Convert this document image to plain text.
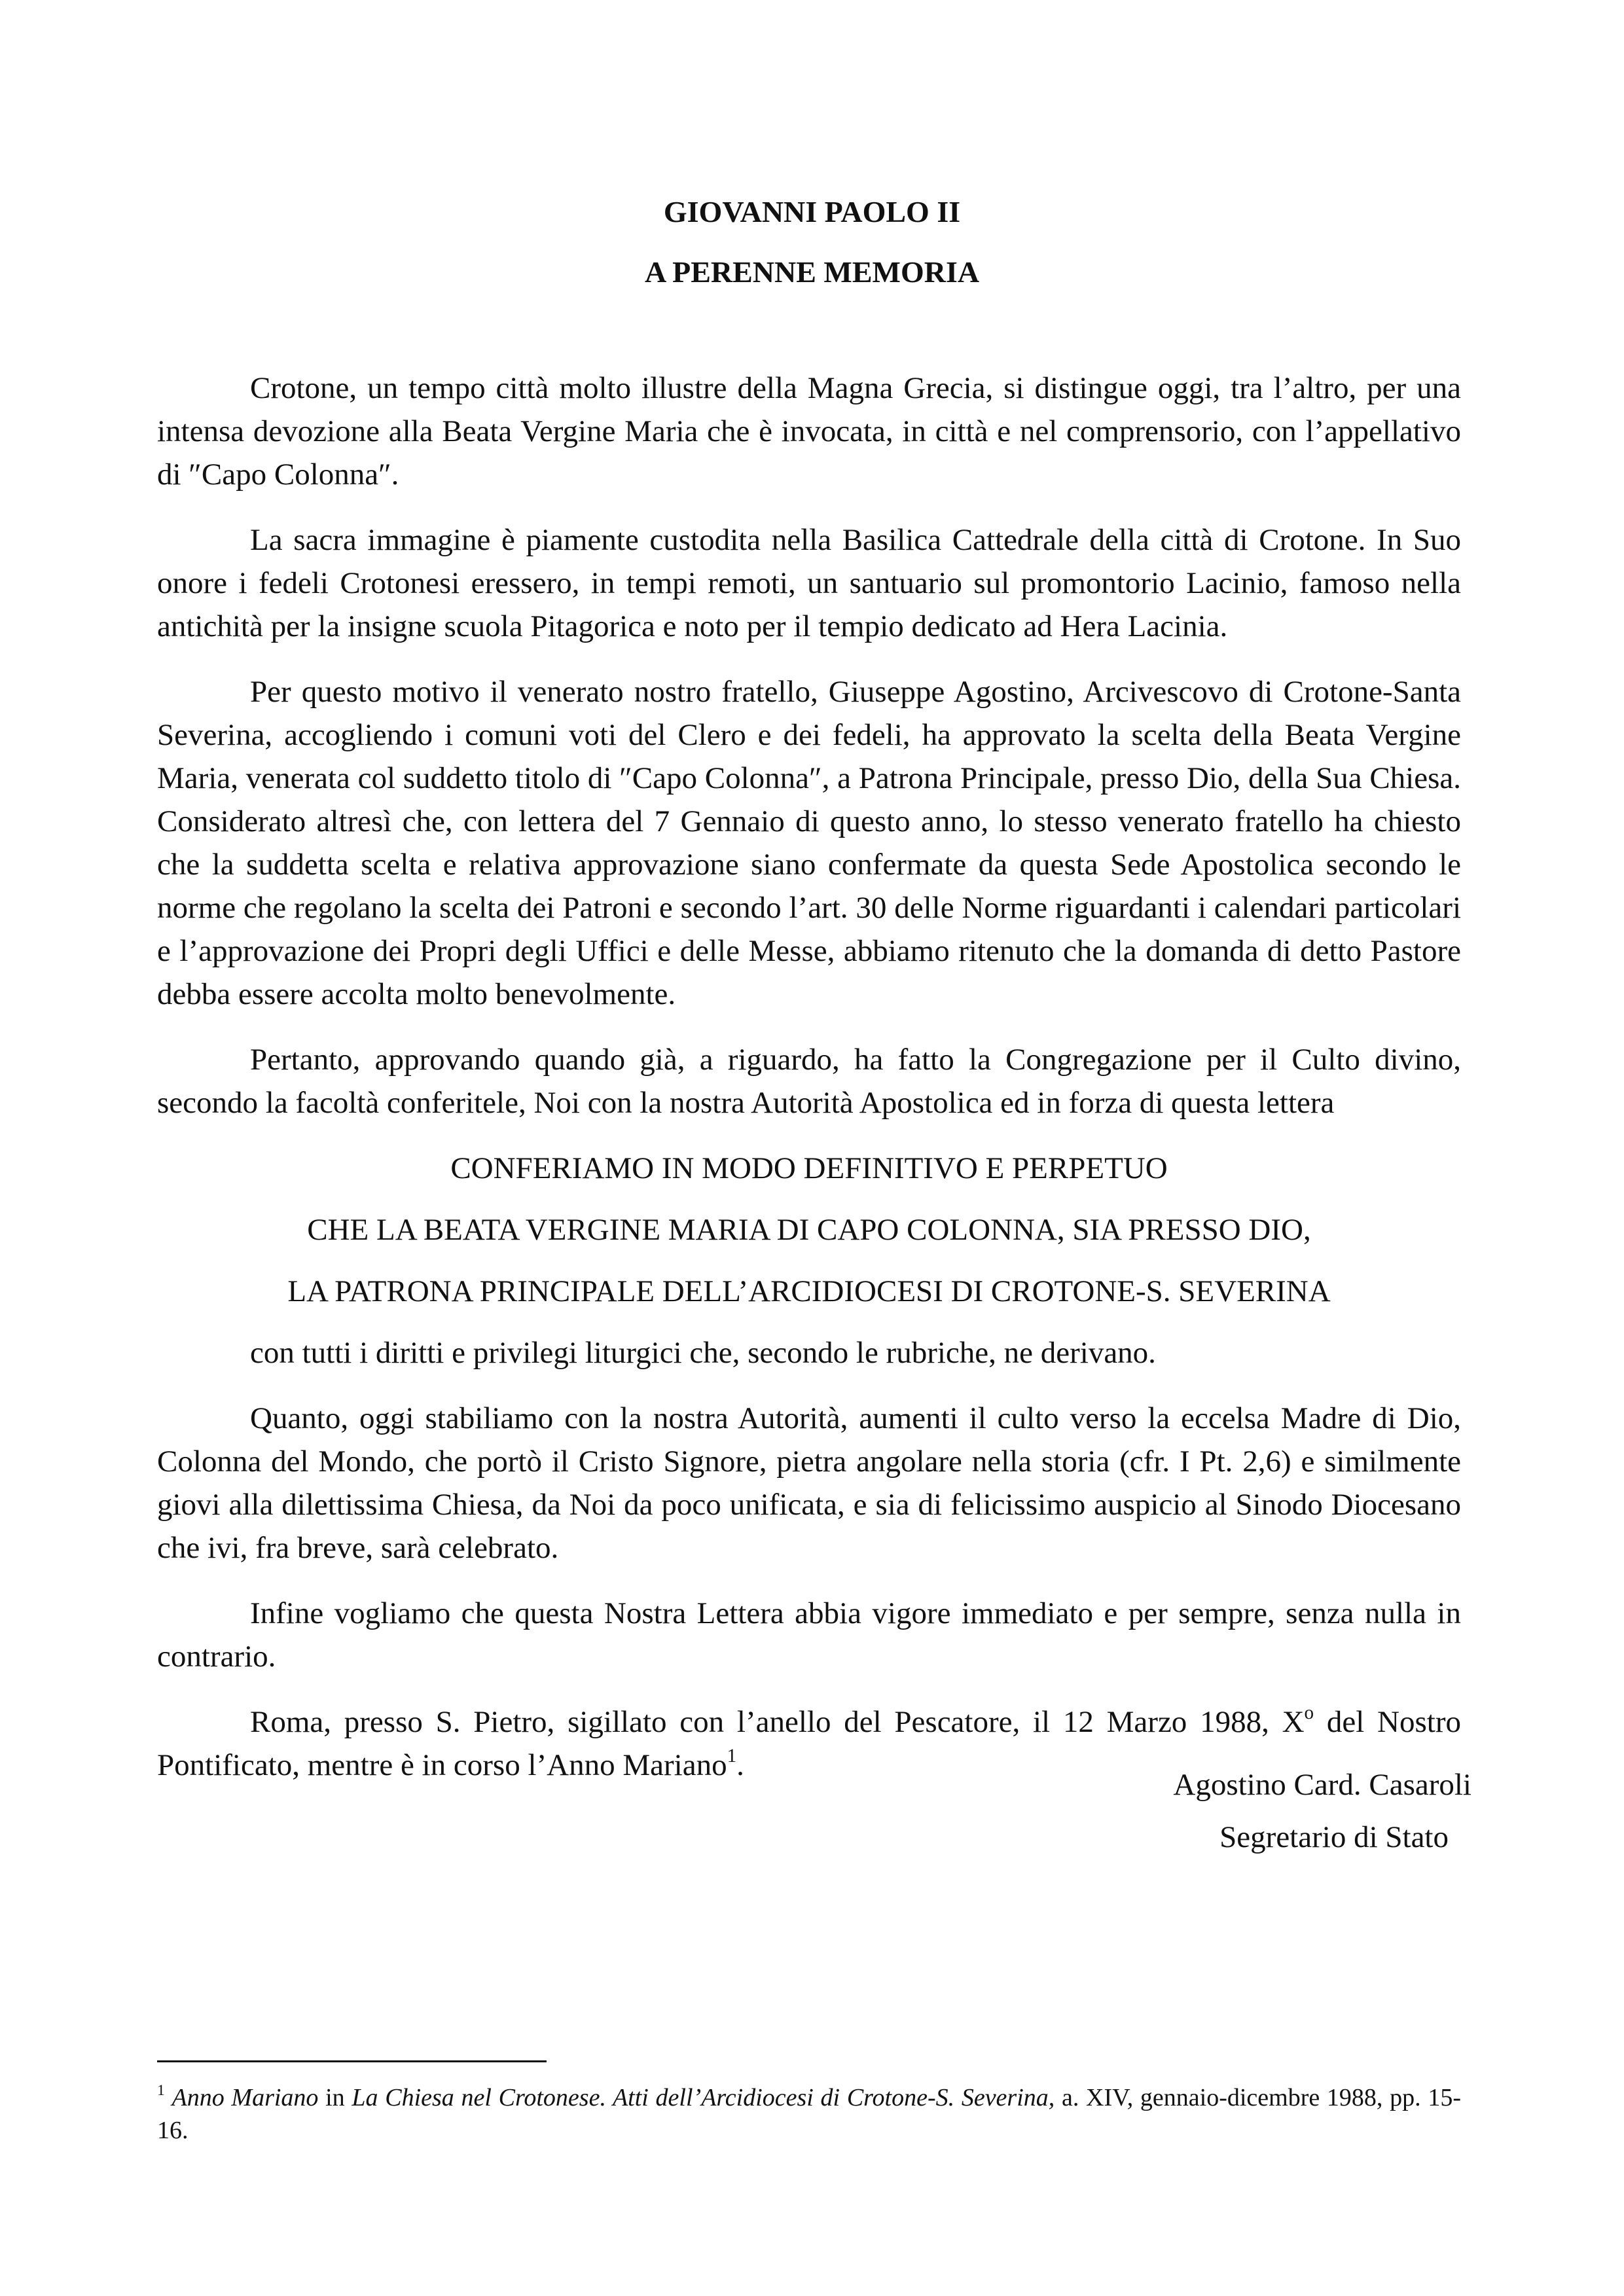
GIOVANNI PAOLO II
A PERENNE MEMORIA

Crotone, un tempo città molto illustre della Magna Grecia, si distingue oggi, tra l’altro, per una intensa devozione alla Beata Vergine Maria che è invocata, in città e nel comprensorio, con l’appellativo di ″Capo Colonna″.

La sacra immagine è piamente custodita nella Basilica Cattedrale della città di Crotone. In Suo onore i fedeli Crotonesi eressero, in tempi remoti, un santuario sul promontorio Lacinio, famoso nella antichità per la insigne scuola Pitagorica e noto per il tempio dedicato ad Hera Lacinia.

Per questo motivo il venerato nostro fratello, Giuseppe Agostino, Arcivescovo di Crotone-Santa Severina, accogliendo i comuni voti del Clero e dei fedeli, ha approvato la scelta della Beata Vergine Maria, venerata col suddetto titolo di ″Capo Colonna″, a Patrona Principale, presso Dio, della Sua Chiesa. Considerato altresì che, con lettera del 7 Gennaio di questo anno, lo stesso venerato fratello ha chiesto che la suddetta scelta e relativa approvazione siano confermate da questa Sede Apostolica secondo le norme che regolano la scelta dei Patroni e secondo l’art. 30 delle Norme riguardanti i calendari particolari e l’approvazione dei Propri degli Uffici e delle Messe, abbiamo ritenuto che la domanda di detto Pastore debba essere accolta molto benevolmente.

Pertanto, approvando quando già, a riguardo, ha fatto la Congregazione per il Culto divino, secondo la facoltà conferitele, Noi con la nostra Autorità Apostolica ed in forza di questa lettera

CONFERIAMO IN MODO DEFINITIVO E PERPETUO

CHE LA BEATA VERGINE MARIA DI CAPO COLONNA, SIA PRESSO DIO,

LA PATRONA PRINCIPALE DELL’ARCIDIOCESI DI CROTONE-S. SEVERINA

con tutti i diritti e privilegi liturgici che, secondo le rubriche, ne derivano.

Quanto, oggi stabiliamo con la nostra Autorità, aumenti il culto verso la eccelsa Madre di Dio, Colonna del Mondo, che portò il Cristo Signore, pietra angolare nella storia (cfr. I Pt. 2,6) e similmente giovi alla dilettissima Chiesa, da Noi da poco unificata, e sia di felicissimo auspicio al Sinodo Diocesano che ivi, fra breve, sarà celebrato.

Infine vogliamo che questa Nostra Lettera abbia vigore immediato e per sempre, senza nulla in contrario.

Roma, presso S. Pietro, sigillato con l’anello del Pescatore, il 12 Marzo 1988, $X^o$ del Nostro Pontificato, mentre è in corso l’Anno Mariano$^1$.

Agostino Card. Casaroli

Segretario di Stato

$^1$ Anno Mariano in La Chiesa nel Crotonese. Atti dell’Arcidiocesi di Crotone-S. Severina, a. XIV, gennaio-dicembre 1988, pp. 15-16.
